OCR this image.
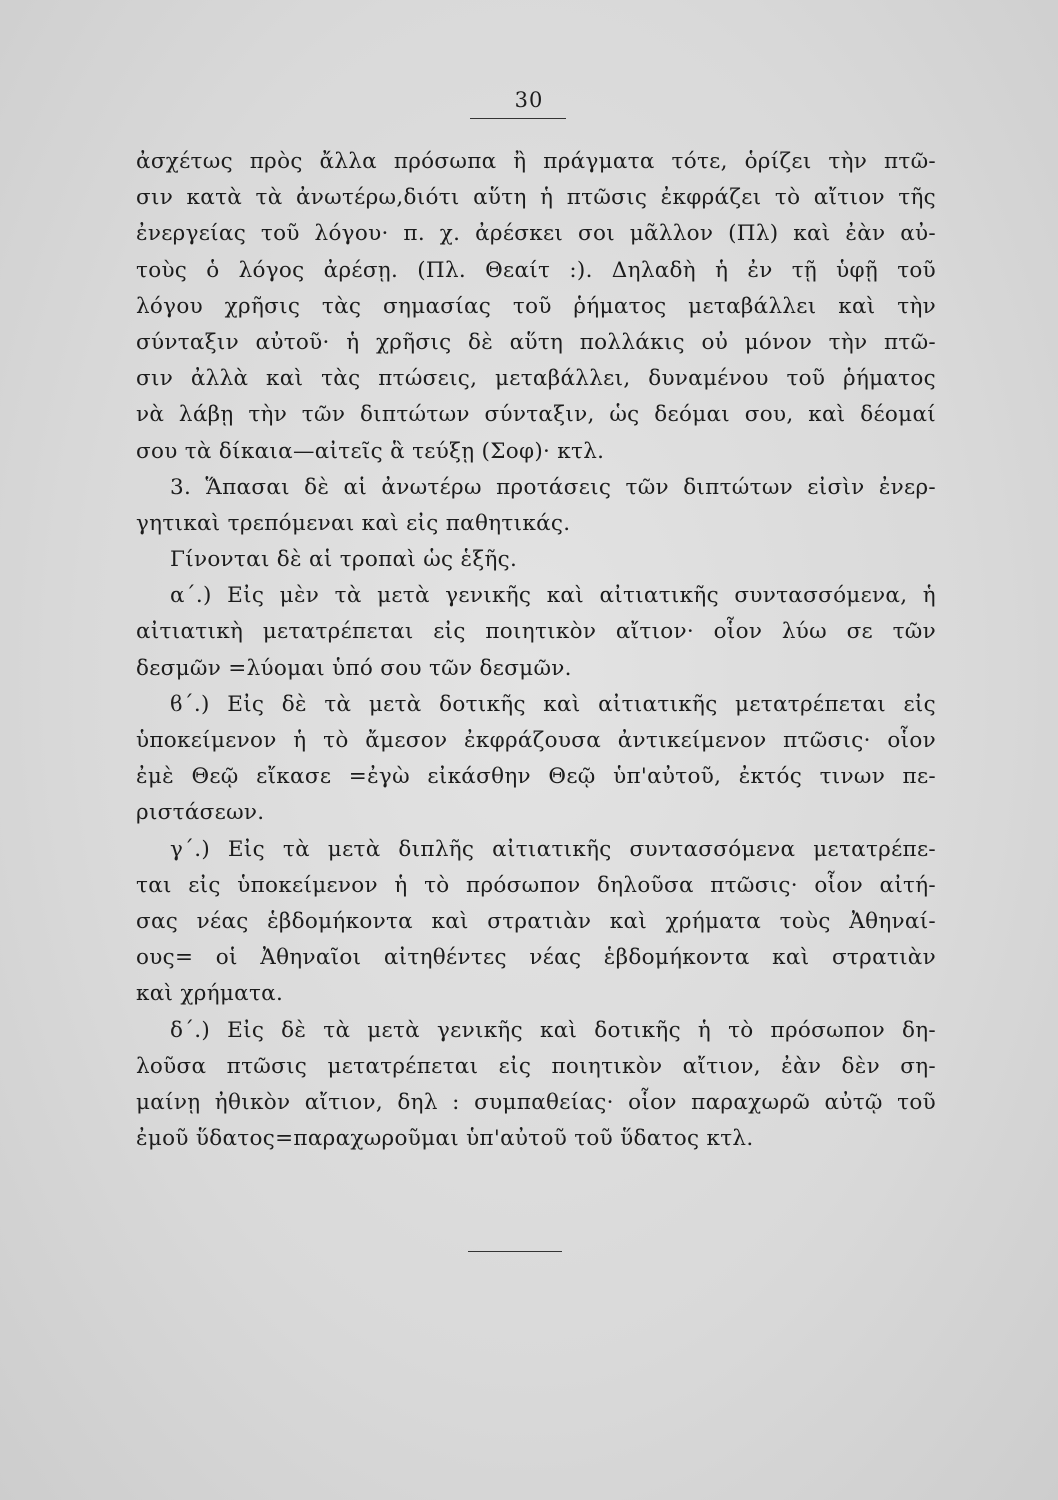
30
ἀσχέτως πρὸς ἄλλα πρόσωπα ἢ πράγματα τότε, ὁρίζει τὴν πτῶ-
σιν κατὰ τὰ ἀνωτέρω,διότι αὕτη ἡ πτῶσις ἐκφράζει τὸ αἴτιον τῆς
ἐνεργείας τοῦ λόγου· π. χ. ἀρέσκει σοι μᾶλλον (Πλ) καὶ ἐὰν αὐ-
τοὺς ὁ λόγος ἀρέσῃ. (Πλ. Θεαίτ :). Δηλαδὴ ἡ ἐν τῇ ὑφῇ τοῦ
λόγου χρῆσις τὰς σημασίας τοῦ ῥήματος μεταβάλλει καὶ τὴν
σύνταξιν αὐτοῦ· ἡ χρῆσις δὲ αὕτη πολλάκις οὐ μόνον τὴν πτῶ-
σιν ἀλλὰ καὶ τὰς πτώσεις, μεταβάλλει, δυναμένου τοῦ ῥήματος
νὰ λάβῃ τὴν τῶν διπτώτων σύνταξιν, ὡς δεόμαι σου, καὶ δέομαί
σου τὰ δίκαια—αἰτεῖς ἃ τεύξῃ (Σοφ)· κτλ.
3. Ἅπασαι δὲ αἱ ἀνωτέρω προτάσεις τῶν διπτώτων εἰσὶν ἐνερ-
γητικαὶ τρεπόμεναι καὶ εἰς παθητικάς.
Γίνονται δὲ αἱ τροπαὶ ὡς ἑξῆς.
α΄.) Εἰς μὲν τὰ μετὰ γενικῆς καὶ αἰτιατικῆς συντασσόμενα, ἡ
αἰτιατικὴ μετατρέπεται εἰς ποιητικὸν αἴτιον· οἷον λύω σε τῶν
δεσμῶν =λύομαι ὑπό σου τῶν δεσμῶν.
ϐ΄.) Εἰς δὲ τὰ μετὰ δοτικῆς καὶ αἰτιατικῆς μετατρέπεται εἰς
ὑποκείμενον ἡ τὸ ἄμεσον ἐκφράζουσα ἀντικείμενον πτῶσις· οἷον
ἐμὲ Θεῷ εἴκασε =ἐγὼ εἰκάσθην Θεῷ ὑπ'αὐτοῦ, ἐκτός τινων πε-
ριστάσεων.
γ΄.) Εἰς τὰ μετὰ διπλῆς αἰτιατικῆς συντασσόμενα μετατρέπε-
ται εἰς ὑποκείμενον ἡ τὸ πρόσωπον δηλοῦσα πτῶσις· οἷον αἰτή-
σας νέας ἑβδομήκοντα καὶ στρατιὰν καὶ χρήματα τοὺς Ἀθηναί-
ους= οἱ Ἀθηναῖοι αἰτηθέντες νέας ἑβδομήκοντα καὶ στρατιὰν
καὶ χρήματα.
δ΄.) Εἰς δὲ τὰ μετὰ γενικῆς καὶ δοτικῆς ἡ τὸ πρόσωπον δη-
λοῦσα πτῶσις μετατρέπεται εἰς ποιητικὸν αἴτιον, ἐὰν δὲν ση-
μαίνῃ ἠθικὸν αἴτιον, δηλ : συμπαθείας· οἷον παραχωρῶ αὐτῷ τοῦ
ἐμοῦ ὕδατος=παραχωροῦμαι ὑπ'αὐτοῦ τοῦ ὕδατος κτλ.
